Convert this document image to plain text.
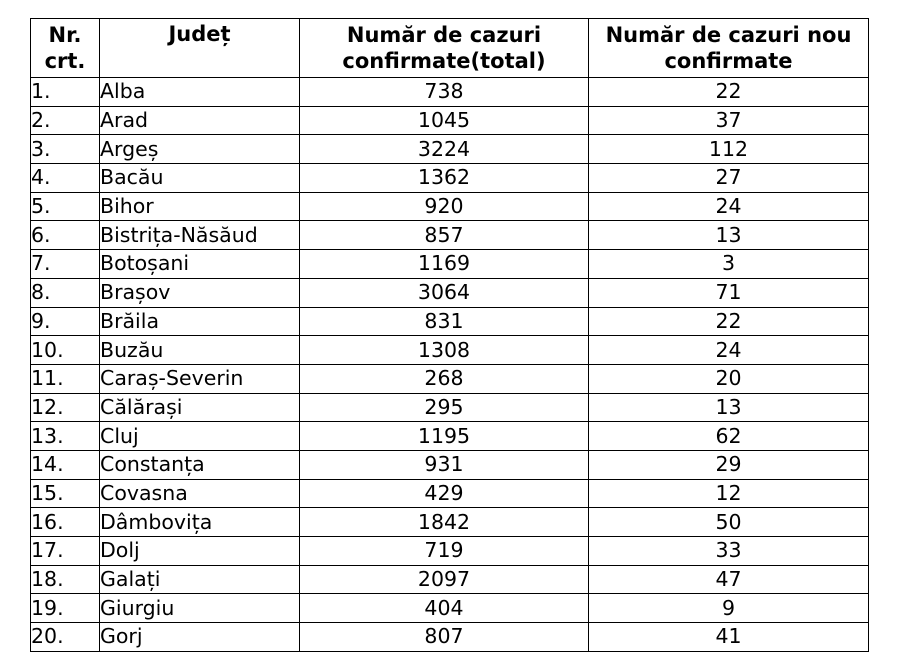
Nr. crt.	Județ	Număr de cazuri confirmate(total)	Număr de cazuri nou confirmate
1.	Alba	738	22
2.	Arad	1045	37
3.	Argeș	3224	112
4.	Bacău	1362	27
5.	Bihor	920	24
6.	Bistrița-Năsăud	857	13
7.	Botoșani	1169	3
8.	Brașov	3064	71
9.	Brăila	831	22
10.	Buzău	1308	24
11.	Caraș-Severin	268	20
12.	Călărași	295	13
13.	Cluj	1195	62
14.	Constanța	931	29
15.	Covasna	429	12
16.	Dâmbovița	1842	50
17.	Dolj	719	33
18.	Galați	2097	47
19.	Giurgiu	404	9
20.	Gorj	807	41
